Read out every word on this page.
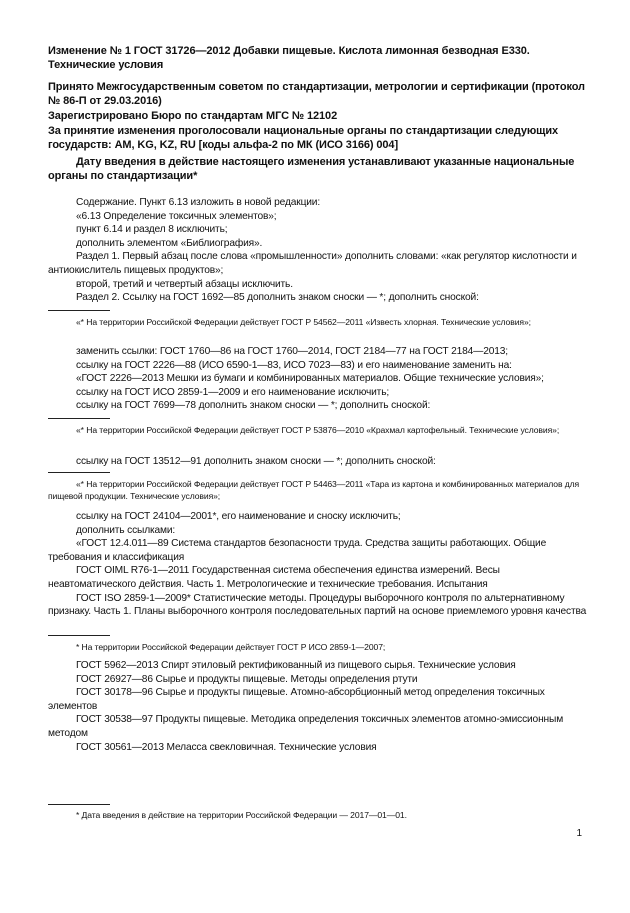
Изменение № 1 ГОСТ 31726—2012 Добавки пищевые. Кислота лимонная безводная Е330. Технические условия
Принято Межгосударственным советом по стандартизации, метрологии и сертификации (протокол № 86-П от 29.03.2016)
Зарегистрировано Бюро по стандартам МГС № 12102
За принятие изменения проголосовали национальные органы по стандартизации следующих государств: AM, KG, KZ, RU [коды альфа-2 по МК (ИСО 3166) 004]
Дату введения в действие настоящего изменения устанавливают указанные национальные органы по стандартизации*

Содержание. Пункт 6.13 изложить в новой редакции:

«6.13 Определение токсичных элементов»;

пункт 6.14 и раздел 8 исключить;

дополнить элементом «Библиография».

Раздел 1. Первый абзац после слова «промышленности» дополнить словами: «как регулятор кислотности и антиокислитель пищевых продуктов»;

второй, третий и четвертый абзацы исключить.

Раздел 2. Ссылку на ГОСТ 1692—85 дополнить знаком сноски — *; дополнить сноской:

«* На территории Российской Федерации действует ГОСТ Р 54562—2011 «Известь хлорная. Технические условия»;

заменить ссылки: ГОСТ 1760—86 на ГОСТ 1760—2014, ГОСТ 2184—77 на ГОСТ 2184—2013;

ссылку на ГОСТ 2226—88 (ИСО 6590-1—83, ИСО 7023—83) и его наименование заменить на:

«ГОСТ 2226—2013 Мешки из бумаги и комбинированных материалов. Общие технические условия»;

ссылку на ГОСТ ИСО 2859-1—2009 и его наименование исключить;

ссылку на ГОСТ 7699—78 дополнить знаком сноски — *; дополнить сноской:

«* На территории Российской Федерации действует ГОСТ Р 53876—2010 «Крахмал картофельный. Технические условия»;

ссылку на ГОСТ 13512—91 дополнить знаком сноски — *; дополнить сноской:

«* На территории Российской Федерации действует ГОСТ Р 54463—2011 «Тара из картона и комбинированных материалов для пищевой продукции. Технические условия»;

ссылку на ГОСТ 24104—2001*, его наименование и сноску исключить;

дополнить ссылками:

«ГОСТ 12.4.011—89 Система стандартов безопасности труда. Средства защиты работающих. Общие требования и классификация

ГОСТ OIML R76-1—2011 Государственная система обеспечения единства измерений. Весы неавтоматического действия. Часть 1. Метрологические и технические требования. Испытания

ГОСТ ISO 2859-1—2009* Статистические методы. Процедуры выборочного контроля по альтернативному признаку. Часть 1. Планы выборочного контроля последовательных партий на основе приемлемого уровня качества

* На территории Российской Федерации действует ГОСТ Р ИСО 2859-1—2007;

ГОСТ 5962—2013 Спирт этиловый ректификованный из пищевого сырья. Технические условия

ГОСТ 26927—86 Сырье и продукты пищевые. Методы определения ртути

ГОСТ 30178—96 Сырье и продукты пищевые. Атомно-абсорбционный метод определения токсичных элементов

ГОСТ 30538—97 Продукты пищевые. Методика определения токсичных элементов атомно-эмиссионным методом

ГОСТ 30561—2013 Меласса свекловичная. Технические условия

* Дата введения в действие на территории Российской Федерации — 2017—01—01.
1
